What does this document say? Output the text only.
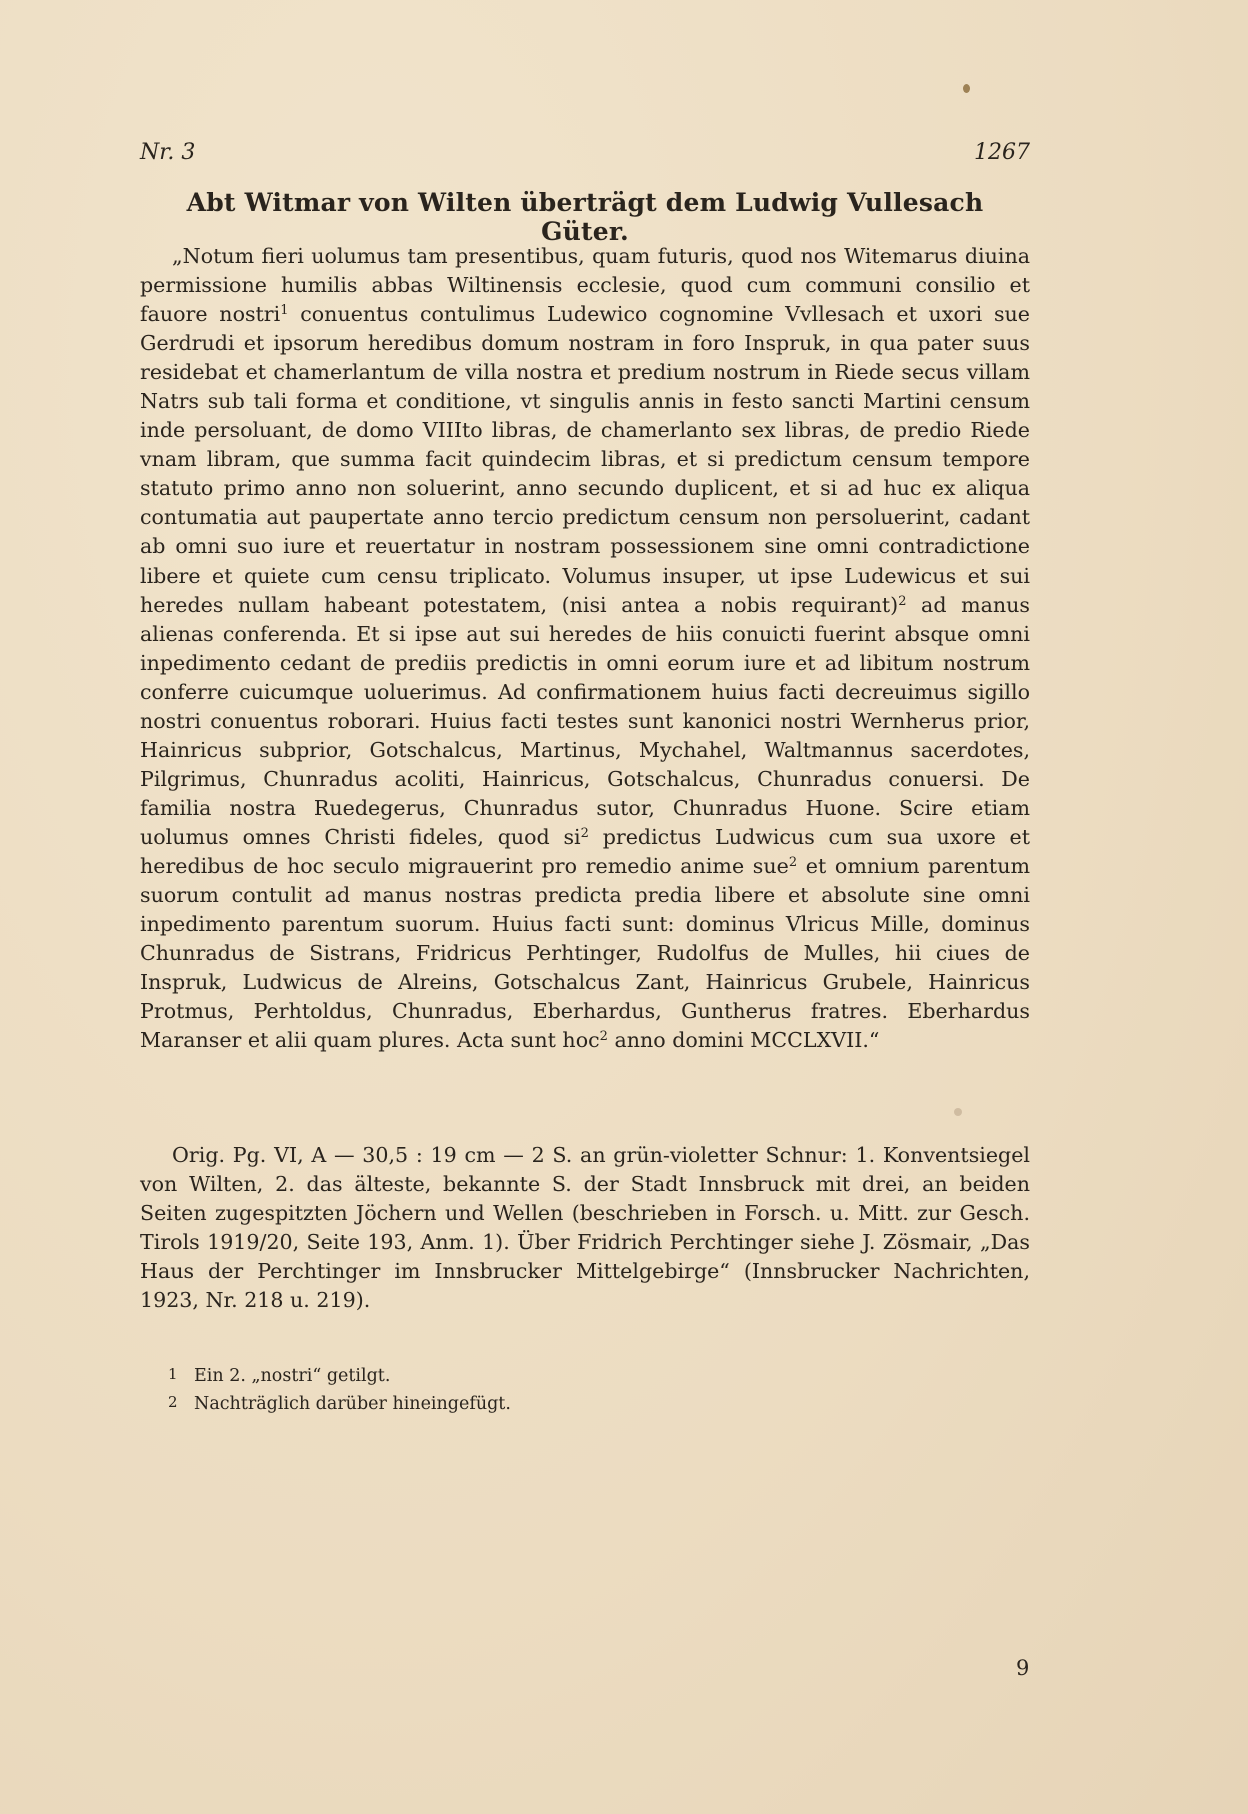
Nr. 3	1267
Abt Witmar von Wilten überträgt dem Ludwig Vullesach Güter.

„Notum fieri uolumus tam presentibus, quam futuris, quod nos Witemarus diuina permissione humilis abbas Wiltinensis ecclesie, quod cum communi consilio et fauore nostri$^1$ conuentus contulimus Ludewico cognomine Vvllesach et uxori sue Gerdrudi et ipsorum heredibus domum nostram in foro Inspruk, in qua pater suus residebat et chamerlantum de villa nostra et predium nostrum in Riede secus villam Natrs sub tali forma et conditione, vt singulis annis in festo sancti Martini censum inde persoluant, de domo VIIIto libras, de chamerlanto sex libras, de predio Riede vnam libram, que summa facit quindecim libras, et si predictum censum tempore statuto primo anno non soluerint, anno secundo duplicent, et si ad huc ex aliqua contumatia aut paupertate anno tercio predictum censum non persoluerint, cadant ab omni suo iure et reuertatur in nostram possessionem sine omni contradictione libere et quiete cum censu triplicato. Volumus insuper, ut ipse Ludewicus et sui heredes nullam habeant potestatem, (nisi antea a nobis requirant)$^2$ ad manus alienas conferenda. Et si ipse aut sui heredes de hiis conuicti fuerint absque omni inpedimento cedant de prediis predictis in omni eorum iure et ad libitum nostrum conferre cuicumque uoluerimus. Ad confirmationem huius facti decreuimus sigillo nostri conuentus roborari. Huius facti testes sunt kanonici nostri Wernherus prior, Hainricus subprior, Gotschalcus, Martinus, Mychahel, Waltmannus sacerdotes, Pilgrimus, Chunradus acoliti, Hainricus, Gotschalcus, Chunradus conuersi. De familia nostra Ruedegerus, Chunradus sutor, Chunradus Huone. Scire etiam uolumus omnes Christi fideles, quod $si^2$ predictus Ludwicus cum sua uxore et heredibus de hoc seculo migrauerint pro remedio anime sue$^2$ et omnium parentum suorum contulit ad manus nostras predicta predia libere et absolute sine omni inpedimento parentum suorum. Huius facti sunt: dominus Vlricus Mille, dominus Chunradus de Sistrans, Fridricus Perhtinger, Rudolfus de Mulles, hii ciues de Inspruk, Ludwicus de Alreins, Gotschalcus Zant, Hainricus Grubele, Hainricus Protmus, Perhtoldus, Chunradus, Eberhardus, Guntherus fratres. Eberhardus Maranser et alii quam plures. Acta sunt hoc$^2$ anno domini MCCLXVII.“

Orig. Pg. VI, A — 30,5 : 19 cm — 2 S. an grün-violetter Schnur: 1. Konventsiegel von Wilten, 2. das älteste, bekannte S. der Stadt Innsbruck mit drei, an beiden Seiten zugespitzten Jöchern und Wellen (beschrieben in Forsch. u. Mitt. zur Gesch. Tirols 1919/20, Seite 193, Anm. 1). Über Fridrich Perchtinger siehe J. Zösmair, „Das Haus der Perchtinger im Innsbrucker Mittelgebirge“ (Innsbrucker Nachrichten, 1923, Nr. 218 u. 219).

1 Ein 2. „nostri“ getilgt.
2 Nachträglich darüber hineingefügt.
9
